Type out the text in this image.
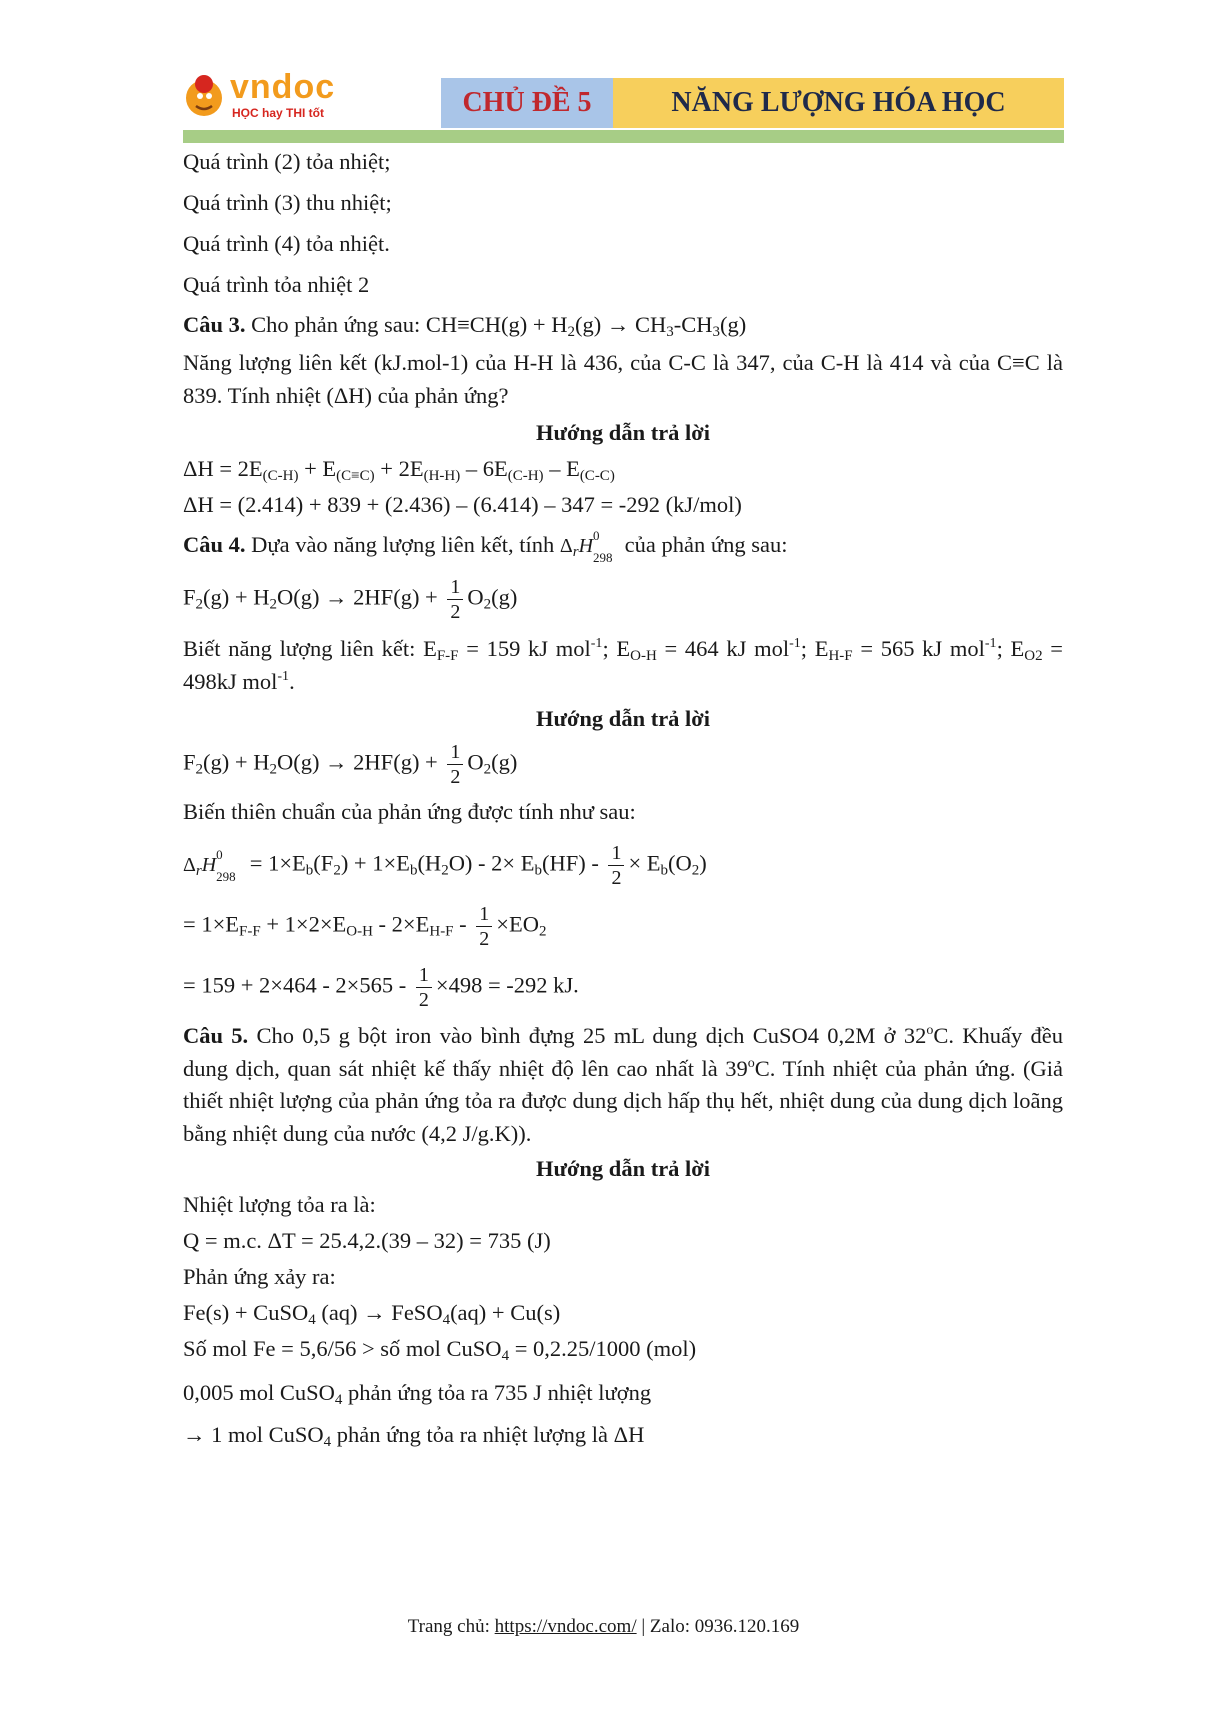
vndoc
HỌC hay THI tốt	CHỦ ĐỀ 5	NĂNG LƯỢNG HÓA HỌC
Quá trình (2) tỏa nhiệt;
Quá trình (3) thu nhiệt;
Quá trình (4) tỏa nhiệt.
Quá trình tỏa nhiệt 2
Câu 3. Cho phản ứng sau: $CH\equiv CH(g) + H_2(g) \to CH_3-CH_3(g)$
Năng lượng liên kết (kJ.mol-1) của H-H là 436, của C-C là 347, của C-H là 414 và của C≡C là 839. Tính nhiệt (ΔH) của phản ứng?
Hướng dẫn trả lời
$\Delta H = 2E_{(C-H)} + E_{(C\equiv C)} + 2E_{(H-H)} - 6E_{(C-H)} - E_{(C-C)}$
ΔH = (2.414) + 839 + (2.436) – (6.414) – 347 = -292 (kJ/mol)
Câu 4. Dựa vào năng lượng liên kết, tính $\Delta_rH$ 0
298
của phản ứng sau:
$F_2(g) + H_2O(g) \to 2HF(g) + \frac{1}{2} O_2(g)$
Biết năng lượng liên kết: $E_{F-F} = 159$ kJ mol$^{-1}$; $E_{O-H} = 464$ kJ mol$^{-1}$; $E_{H-F} = 565$ kJ mol$^{-1}$; $E_{O2} = 498kJ$ mol$^{-1}$.
Hướng dẫn trả lời
$F_2(g) + H_2O(g) \to 2HF(g) + \frac{1}{2} O_2(g)$
Biến thiên chuẩn của phản ứng được tính như sau:
$\Delta_rH$ 0
298
= $1\times E_b(F_2) + 1\times E_b(H_2O) - 2\times E_b(HF) - \frac{1}{2} \times E_b(O_2)$
= $1\times E_{F-F} + 1\times 2\times E_{O-H} - 2\times E_{H-F} - \frac{1}{2} \times EO_2$
= $159 + 2\times 464 - 2\times 565 - \frac{1}{2} \times 498 = -292$ kJ.
Câu 5. Cho 0,5 g bột iron vào bình đựng 25 mL dung dịch CuSO4 0,2M ở 32$^o$C. Khuấy đều dung dịch, quan sát nhiệt kế thấy nhiệt độ lên cao nhất là 39$^o$C. Tính nhiệt của phản ứng. (Giả thiết nhiệt lượng của phản ứng tỏa ra được dung dịch hấp thụ hết, nhiệt dung của dung dịch loãng bằng nhiệt dung của nước (4,2 J/g.K)).
Hướng dẫn trả lời
Nhiệt lượng tỏa ra là:
Q = m.c. ΔT = 25.4,2.(39 – 32) = 735 (J)
Phản ứng xảy ra:
Fe(s) + CuSO$_4$ (aq) → FeSO$_4$(aq) + Cu(s)
Số mol Fe = 5,6/56 > số mol CuSO$_4$ = 0,2.25/1000 (mol)
0,005 mol CuSO$_4$ phản ứng tỏa ra 735 J nhiệt lượng
→ 1 mol CuSO$_4$ phản ứng tỏa ra nhiệt lượng là ΔH
Trang chủ: https://vndoc.com/ | Zalo: 0936.120.169
